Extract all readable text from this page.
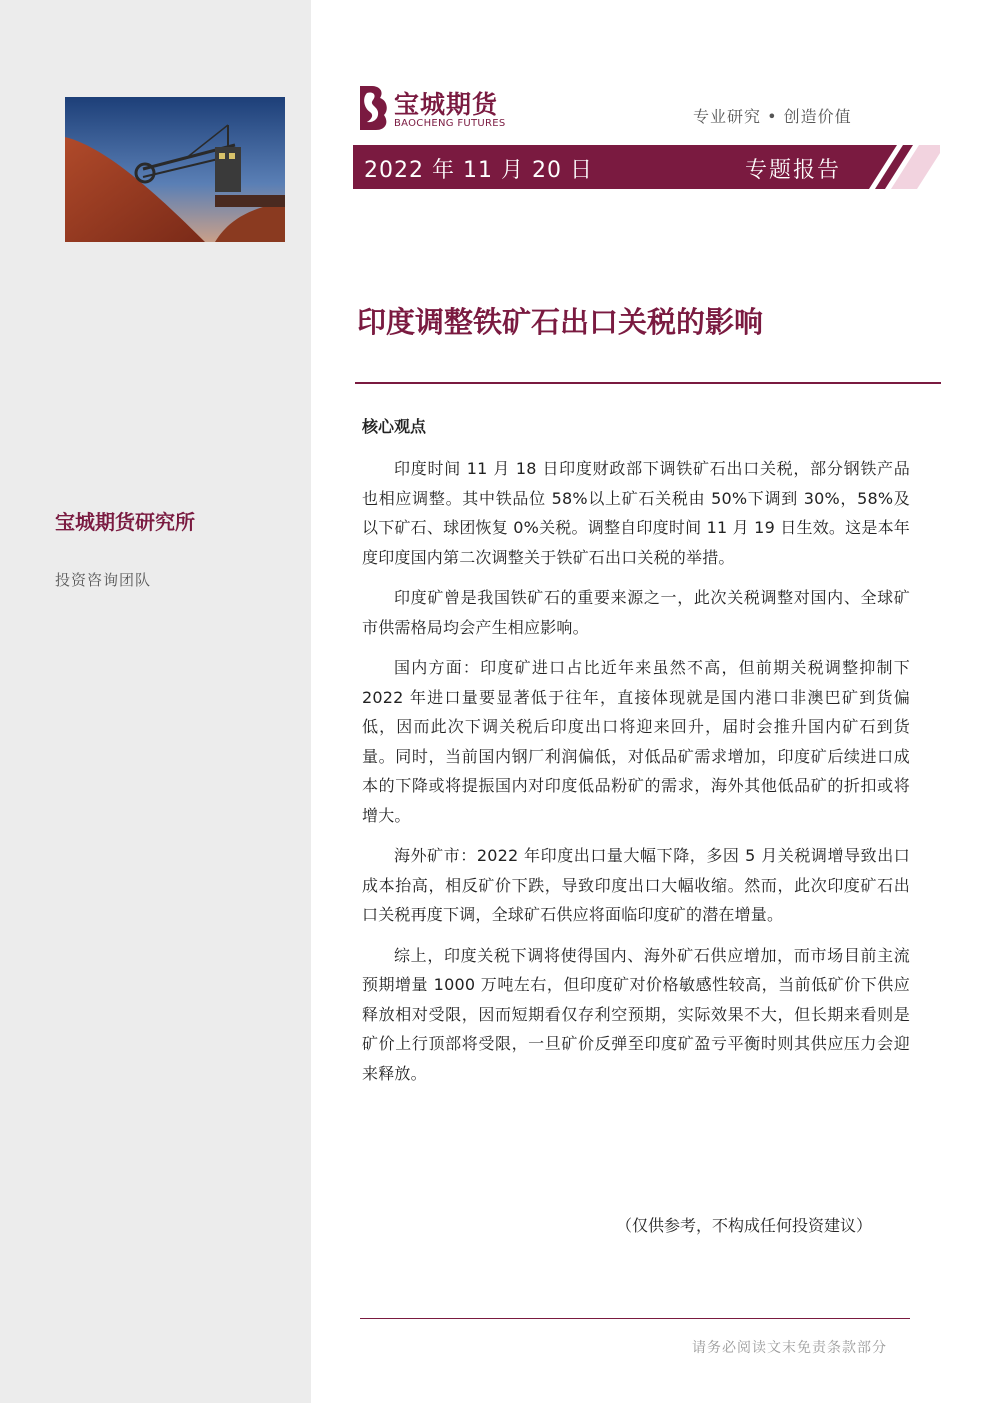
宝城期货研究所
投资咨询团队
宝城期货
BAOCHENG FUTURES	专业研究 • 创造价值
2022 年 11 月 20 日	专题报告
印度调整铁矿石出口关税的影响
核心观点

印度时间 11 月 18 日印度财政部下调铁矿石出口关税，部分钢铁产品也相应调整。其中铁品位 58%以上矿石关税由 50%下调到 30%，58%及以下矿石、球团恢复 0%关税。调整自印度时间 11 月 19 日生效。这是本年度印度国内第二次调整关于铁矿石出口关税的举措。

印度矿曾是我国铁矿石的重要来源之一，此次关税调整对国内、全球矿市供需格局均会产生相应影响。

国内方面：印度矿进口占比近年来虽然不高，但前期关税调整抑制下 2022 年进口量要显著低于往年，直接体现就是国内港口非澳巴矿到货偏低，因而此次下调关税后印度出口将迎来回升，届时会推升国内矿石到货量。同时，当前国内钢厂利润偏低，对低品矿需求增加，印度矿后续进口成本的下降或将提振国内对印度低品粉矿的需求，海外其他低品矿的折扣或将增大。

海外矿市：2022 年印度出口量大幅下降，多因 5 月关税调增导致出口成本抬高，相反矿价下跌，导致印度出口大幅收缩。然而，此次印度矿石出口关税再度下调，全球矿石供应将面临印度矿的潜在增量。

综上，印度关税下调将使得国内、海外矿石供应增加，而市场目前主流预期增量 1000 万吨左右，但印度矿对价格敏感性较高，当前低矿价下供应释放相对受限，因而短期看仅存利空预期，实际效果不大，但长期来看则是矿价上行顶部将受限，一旦矿价反弹至印度矿盈亏平衡时则其供应压力会迎来释放。

（仅供参考，不构成任何投资建议）
请务必阅读文末免责条款部分
